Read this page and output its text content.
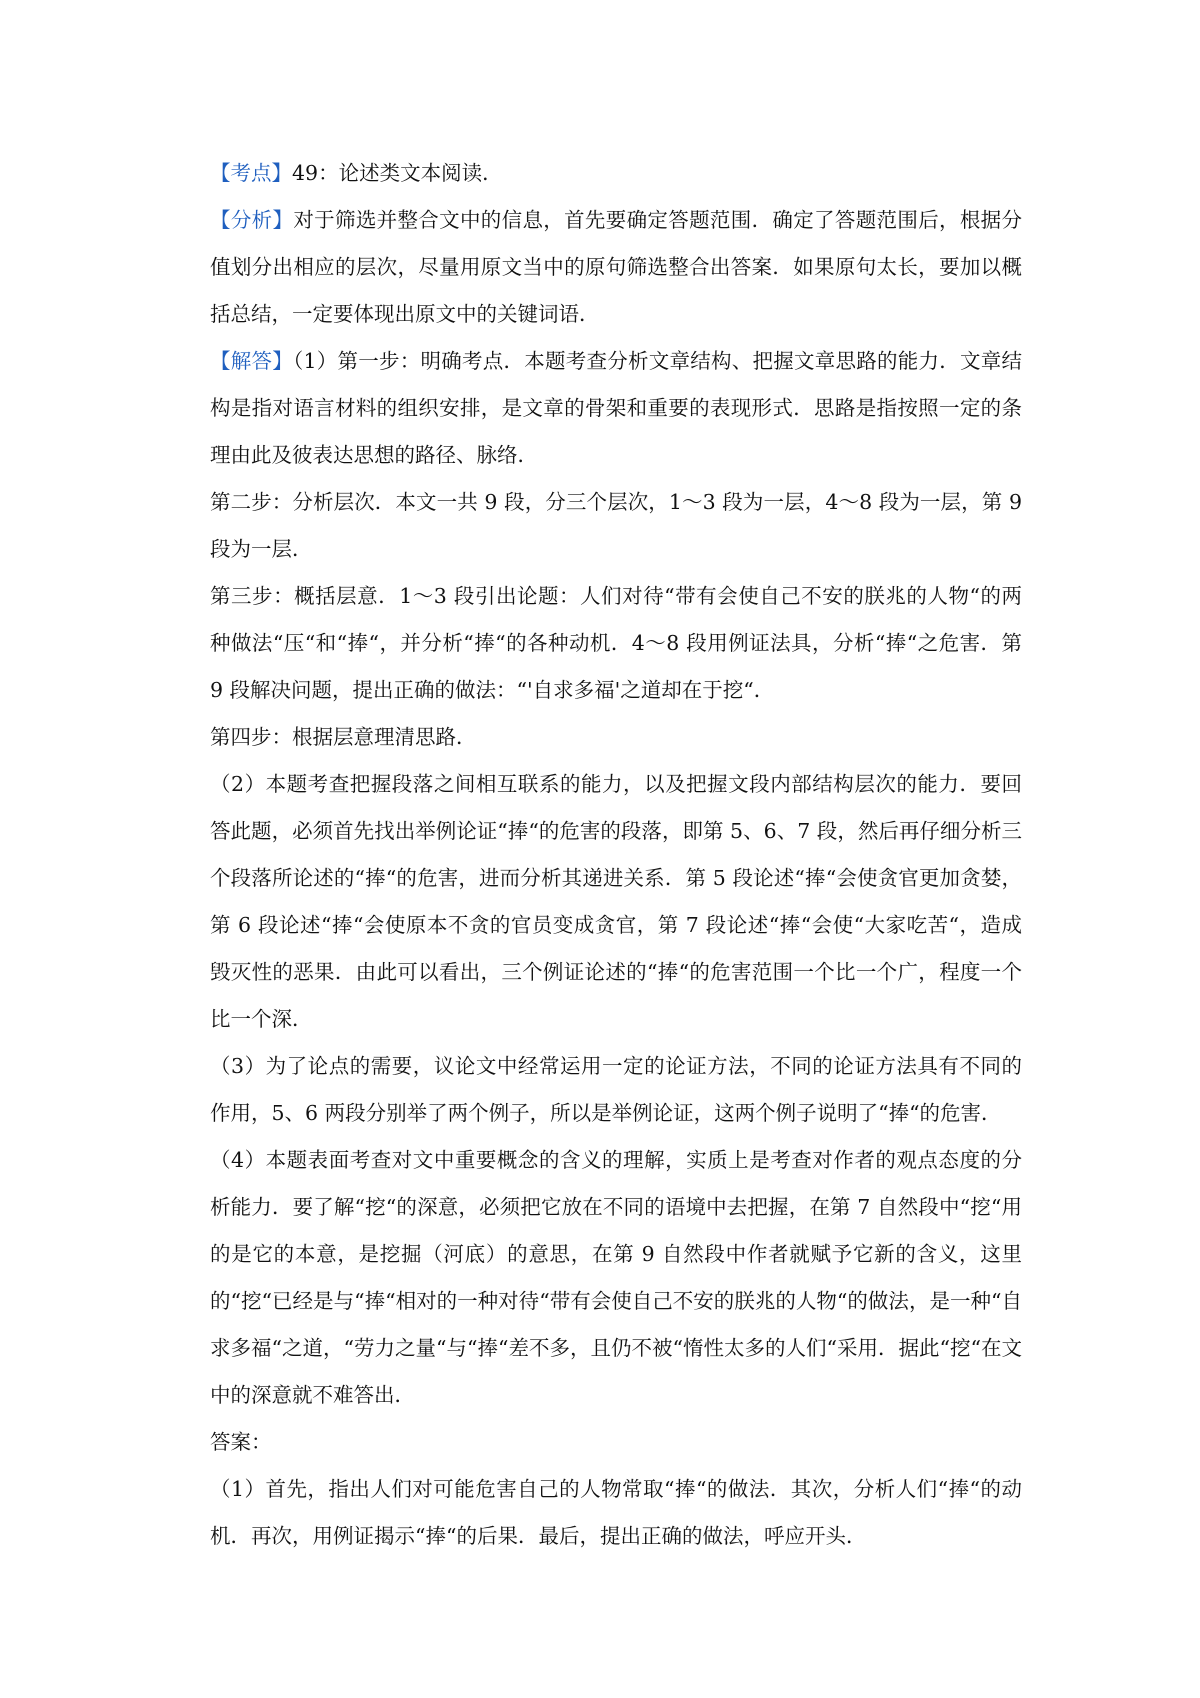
【考点】49：论述类文本阅读．

【分析】对于筛选并整合文中的信息，首先要确定答题范围．确定了答题范围后，根据分值划分出相应的层次，尽量用原文当中的原句筛选整合出答案．如果原句太长，要加以概括总结，一定要体现出原文中的关键词语．

【解答】（1）第一步：明确考点．本题考查分析文章结构、把握文章思路的能力．文章结构是指对语言材料的组织安排，是文章的骨架和重要的表现形式．思路是指按照一定的条理由此及彼表达思想的路径、脉络．

第二步：分析层次．本文一共 9 段，分三个层次，1～3 段为一层，4～8 段为一层，第 9 段为一层．

第三步：概括层意．1～3 段引出论题：人们对待“带有会使自己不安的朕兆的人物“的两种做法“压“和“捧“，并分析“捧“的各种动机．4～8 段用例证法具，分析“捧“之危害．第 9 段解决问题，提出正确的做法：“'自求多福'之道却在于挖“．

第四步：根据层意理清思路．

（2）本题考查把握段落之间相互联系的能力，以及把握文段内部结构层次的能力．要回答此题，必须首先找出举例论证“捧“的危害的段落，即第 5、6、7 段，然后再仔细分析三个段落所论述的“捧“的危害，进而分析其递进关系．第 5 段论述“捧“会使贪官更加贪婪，第 6 段论述“捧“会使原本不贪的官员变成贪官，第 7 段论述“捧“会使“大家吃苦“，造成毁灭性的恶果．由此可以看出，三个例证论述的“捧“的危害范围一个比一个广，程度一个比一个深．

（3）为了论点的需要，议论文中经常运用一定的论证方法，不同的论证方法具有不同的作用，5、6 两段分别举了两个例子，所以是举例论证，这两个例子说明了“捧“的危害．

（4）本题表面考查对文中重要概念的含义的理解，实质上是考查对作者的观点态度的分析能力．要了解“挖“的深意，必须把它放在不同的语境中去把握，在第 7 自然段中“挖“用的是它的本意，是挖掘（河底）的意思，在第 9 自然段中作者就赋予它新的含义，这里的“挖“已经是与“捧“相对的一种对待“带有会使自己不安的朕兆的人物“的做法，是一种“自求多福“之道，“劳力之量“与“捧“差不多，且仍不被“惰性太多的人们“采用．据此“挖“在文中的深意就不难答出．

答案：

（1）首先，指出人们对可能危害自己的人物常取“捧“的做法．其次，分析人们“捧“的动机．再次，用例证揭示“捧“的后果．最后，提出正确的做法，呼应开头．
